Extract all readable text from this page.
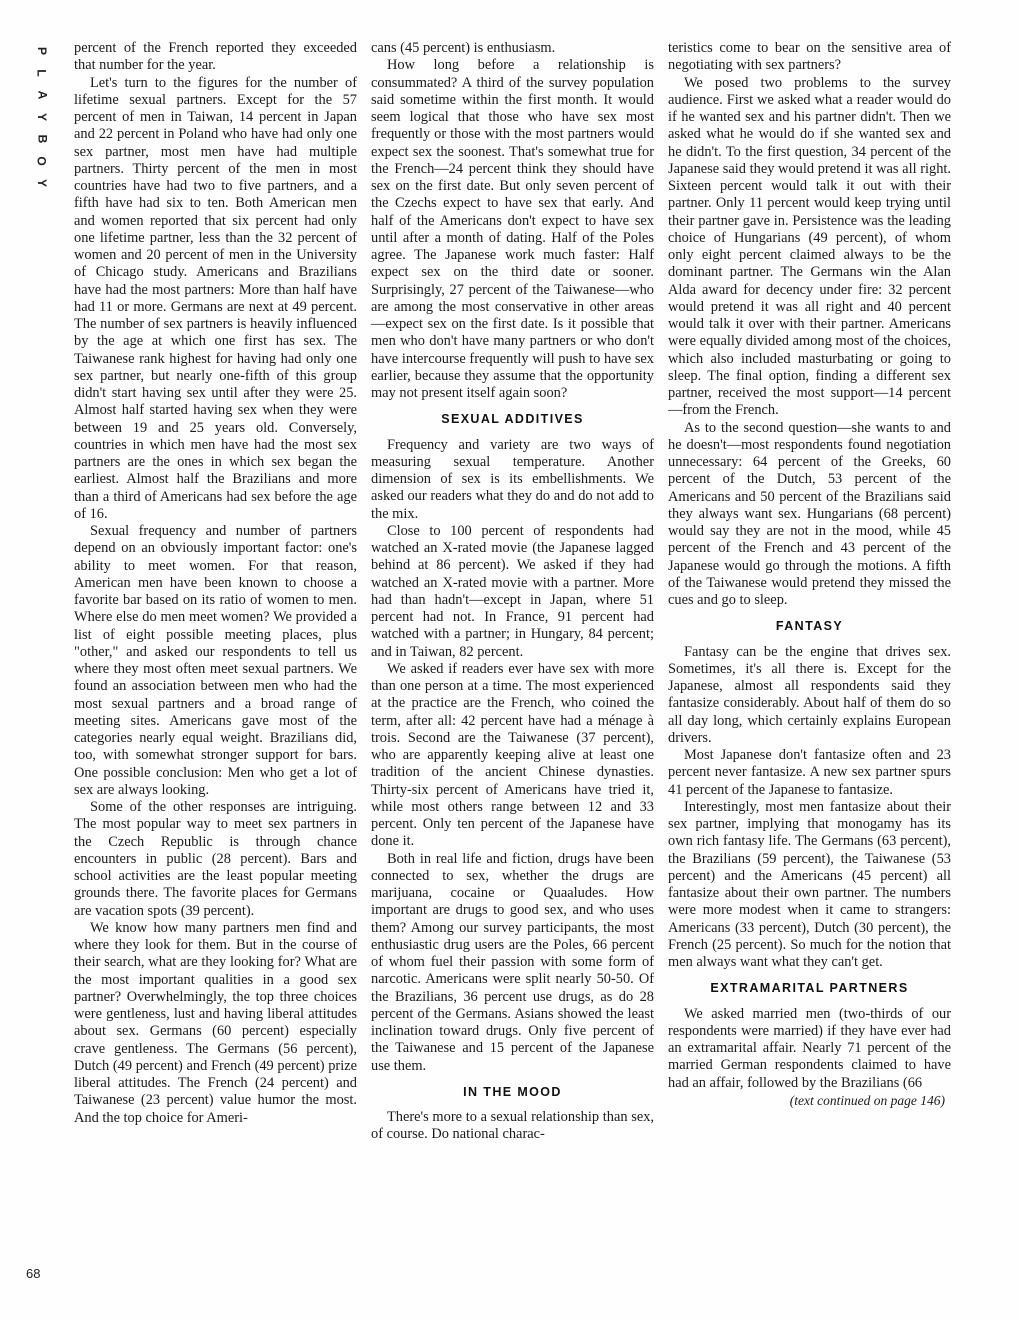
P
L
A
Y
B
O
Y
68

percent of the French reported they exceeded that number for the year.

Let's turn to the figures for the number of lifetime sexual partners. Except for the 57 percent of men in Taiwan, 14 percent in Japan and 22 percent in Poland who have had only one sex partner, most men have had multiple partners. Thirty percent of the men in most countries have had two to five partners, and a fifth have had six to ten. Both American men and women reported that six percent had only one lifetime partner, less than the 32 percent of women and 20 percent of men in the University of Chicago study. Americans and Brazilians have had the most partners: More than half have had 11 or more. Germans are next at 49 percent. The number of sex partners is heavily influenced by the age at which one first has sex. The Taiwanese rank highest for having had only one sex partner, but nearly one-fifth of this group didn't start having sex until after they were 25. Almost half started having sex when they were between 19 and 25 years old. Conversely, countries in which men have had the most sex partners are the ones in which sex began the earliest. Almost half the Brazilians and more than a third of Americans had sex before the age of 16.

Sexual frequency and number of partners depend on an obviously important factor: one's ability to meet women. For that reason, American men have been known to choose a favorite bar based on its ratio of women to men. Where else do men meet women? We provided a list of eight possible meeting places, plus "other," and asked our respondents to tell us where they most often meet sexual partners. We found an association between men who had the most sexual partners and a broad range of meeting sites. Americans gave most of the categories nearly equal weight. Brazilians did, too, with somewhat stronger support for bars. One possible conclusion: Men who get a lot of sex are always looking.

Some of the other responses are intriguing. The most popular way to meet sex partners in the Czech Republic is through chance encounters in public (28 percent). Bars and school activities are the least popular meeting grounds there. The favorite places for Germans are vacation spots (39 percent).

We know how many partners men find and where they look for them. But in the course of their search, what are they looking for? What are the most important qualities in a good sex partner? Overwhelmingly, the top three choices were gentleness, lust and having liberal attitudes about sex. Germans (60 percent) especially crave gentleness. The Germans (56 percent), Dutch (49 percent) and French (49 percent) prize liberal attitudes. The French (24 percent) and Taiwanese (23 percent) value humor the most. And the top choice for Ameri-

cans (45 percent) is enthusiasm.

How long before a relationship is consummated? A third of the survey population said sometime within the first month. It would seem logical that those who have sex most frequently or those with the most partners would expect sex the soonest. That's somewhat true for the French—24 percent think they should have sex on the first date. But only seven percent of the Czechs expect to have sex that early. And half of the Americans don't expect to have sex until after a month of dating. Half of the Poles agree. The Japanese work much faster: Half expect sex on the third date or sooner. Surprisingly, 27 percent of the Taiwanese—who are among the most conservative in other areas—expect sex on the first date. Is it possible that men who don't have many partners or who don't have intercourse frequently will push to have sex earlier, because they assume that the opportunity may not present itself again soon?

SEXUAL ADDITIVES

Frequency and variety are two ways of measuring sexual temperature. Another dimension of sex is its embellishments. We asked our readers what they do and do not add to the mix.

Close to 100 percent of respondents had watched an X-rated movie (the Japanese lagged behind at 86 percent). We asked if they had watched an X-rated movie with a partner. More had than hadn't—except in Japan, where 51 percent had not. In France, 91 percent had watched with a partner; in Hungary, 84 percent; and in Taiwan, 82 percent.

We asked if readers ever have sex with more than one person at a time. The most experienced at the practice are the French, who coined the term, after all: 42 percent have had a ménage à trois. Second are the Taiwanese (37 percent), who are apparently keeping alive at least one tradition of the ancient Chinese dynasties. Thirty-six percent of Americans have tried it, while most others range between 12 and 33 percent. Only ten percent of the Japanese have done it.

Both in real life and fiction, drugs have been connected to sex, whether the drugs are marijuana, cocaine or Quaaludes. How important are drugs to good sex, and who uses them? Among our survey participants, the most enthusiastic drug users are the Poles, 66 percent of whom fuel their passion with some form of narcotic. Americans were split nearly 50-50. Of the Brazilians, 36 percent use drugs, as do 28 percent of the Germans. Asians showed the least inclination toward drugs. Only five percent of the Taiwanese and 15 percent of the Japanese use them.

IN THE MOOD

There's more to a sexual relationship than sex, of course. Do national charac-

teristics come to bear on the sensitive area of negotiating with sex partners?

We posed two problems to the survey audience. First we asked what a reader would do if he wanted sex and his partner didn't. Then we asked what he would do if she wanted sex and he didn't. To the first question, 34 percent of the Japanese said they would pretend it was all right. Sixteen percent would talk it out with their partner. Only 11 percent would keep trying until their partner gave in. Persistence was the leading choice of Hungarians (49 percent), of whom only eight percent claimed always to be the dominant partner. The Germans win the Alan Alda award for decency under fire: 32 percent would pretend it was all right and 40 percent would talk it over with their partner. Americans were equally divided among most of the choices, which also included masturbating or going to sleep. The final option, finding a different sex partner, received the most support—14 percent—from the French.

As to the second question—she wants to and he doesn't—most respondents found negotiation unnecessary: 64 percent of the Greeks, 60 percent of the Dutch, 53 percent of the Americans and 50 percent of the Brazilians said they always want sex. Hungarians (68 percent) would say they are not in the mood, while 45 percent of the French and 43 percent of the Japanese would go through the motions. A fifth of the Taiwanese would pretend they missed the cues and go to sleep.

FANTASY

Fantasy can be the engine that drives sex. Sometimes, it's all there is. Except for the Japanese, almost all respondents said they fantasize considerably. About half of them do so all day long, which certainly explains European drivers.

Most Japanese don't fantasize often and 23 percent never fantasize. A new sex partner spurs 41 percent of the Japanese to fantasize.

Interestingly, most men fantasize about their sex partner, implying that monogamy has its own rich fantasy life. The Germans (63 percent), the Brazilians (59 percent), the Taiwanese (53 percent) and the Americans (45 percent) all fantasize about their own partner. The numbers were more modest when it came to strangers: Americans (33 percent), Dutch (30 percent), the French (25 percent). So much for the notion that men always want what they can't get.

EXTRAMARITAL PARTNERS

We asked married men (two-thirds of our respondents were married) if they have ever had an extramarital affair. Nearly 71 percent of the married German respondents claimed to have had an affair, followed by the Brazilians (66

(text continued on page 146)
